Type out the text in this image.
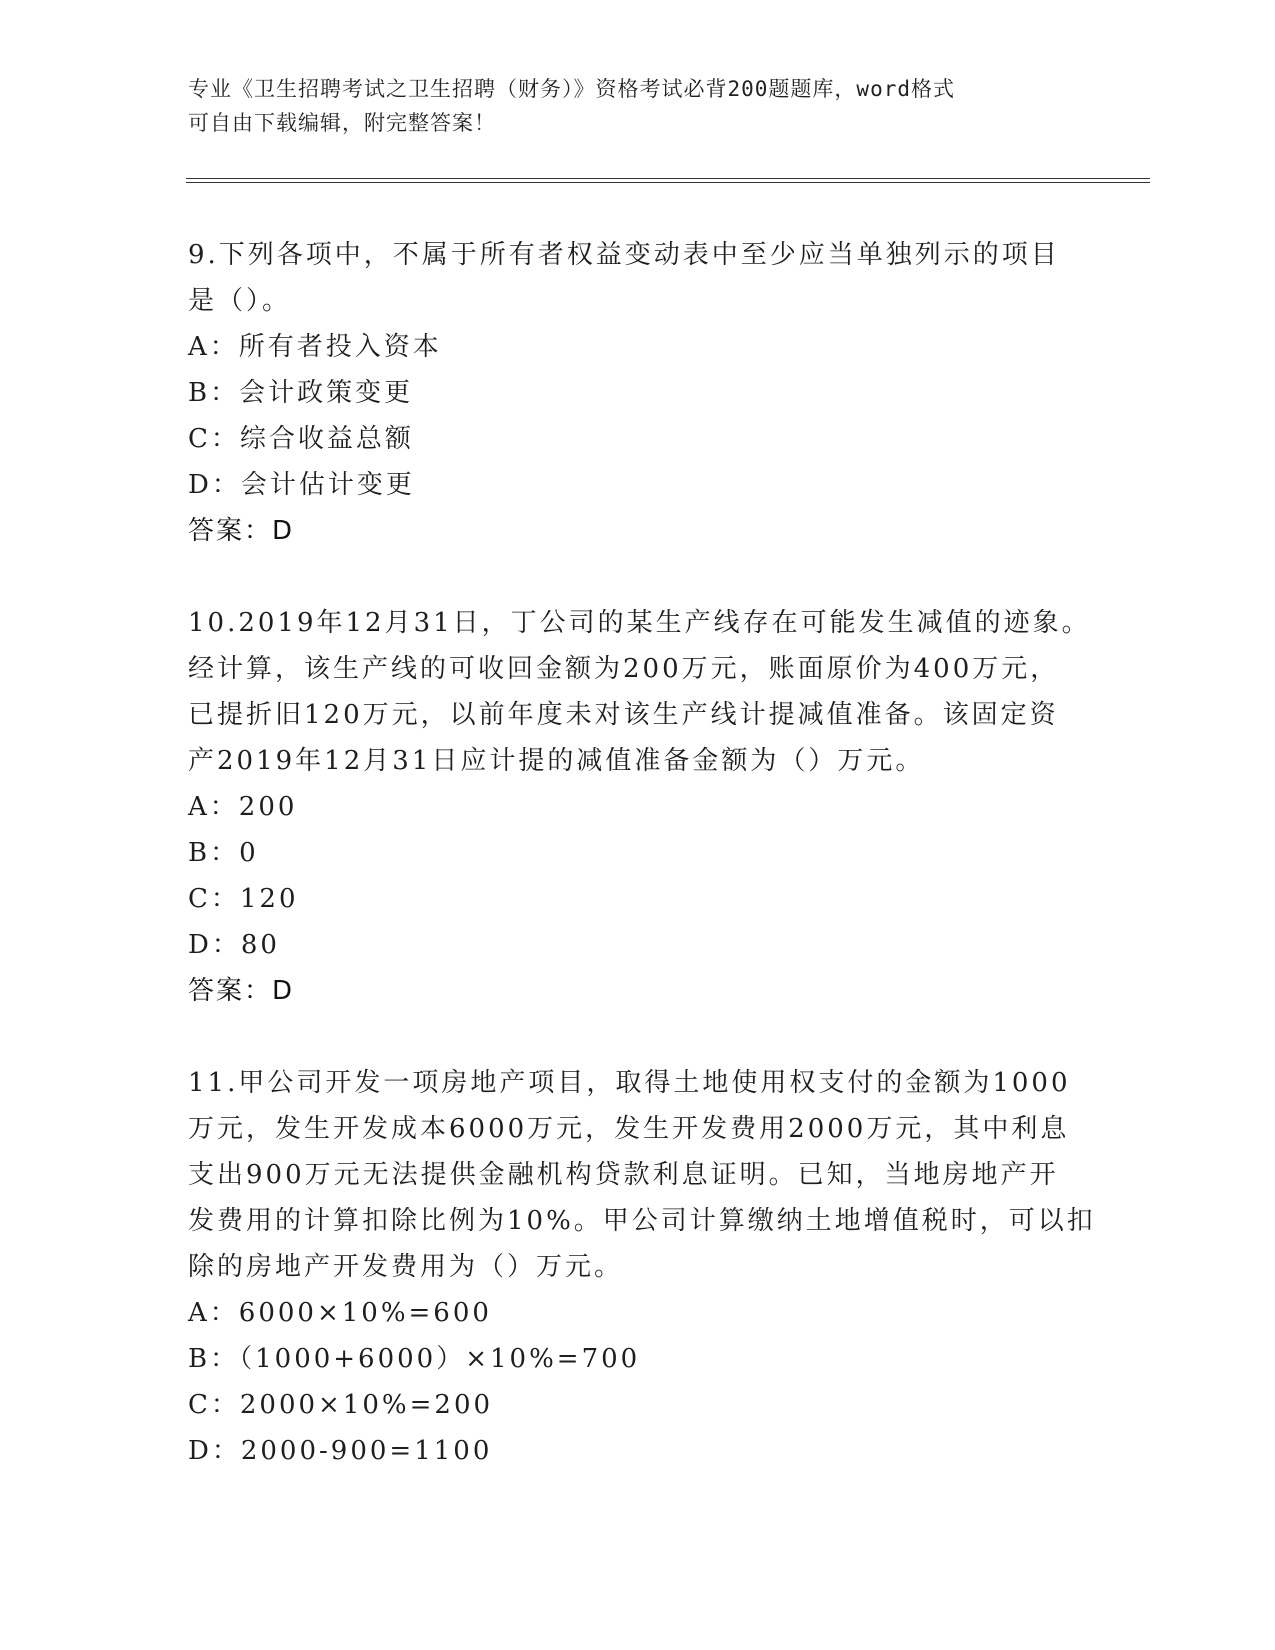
专业《卫生招聘考试之卫生招聘（财务）》资格考试必背200题题库，word格式
可自由下载编辑，附完整答案！
9.下列各项中，不属于所有者权益变动表中至少应当单独列示的项目
是（）。
A：所有者投入资本
B：会计政策变更
C：综合收益总额
D：会计估计变更
答案：D
10.2019年12月31日，丁公司的某生产线存在可能发生减值的迹象。
经计算，该生产线的可收回金额为200万元，账面原价为400万元，
已提折旧120万元，以前年度未对该生产线计提减值准备。该固定资
产2019年12月31日应计提的减值准备金额为（）万元。
A：200
B：0
C：120
D：80
答案：D
11.甲公司开发一项房地产项目，取得土地使用权支付的金额为1000
万元，发生开发成本6000万元，发生开发费用2000万元，其中利息
支出900万元无法提供金融机构贷款利息证明。已知，当地房地产开
发费用的计算扣除比例为10%。甲公司计算缴纳土地增值税时，可以扣
除的房地产开发费用为（）万元。
A：6000×10%=600
B：（1000+6000）×10%=700
C：2000×10%=200
D：2000-900=1100
